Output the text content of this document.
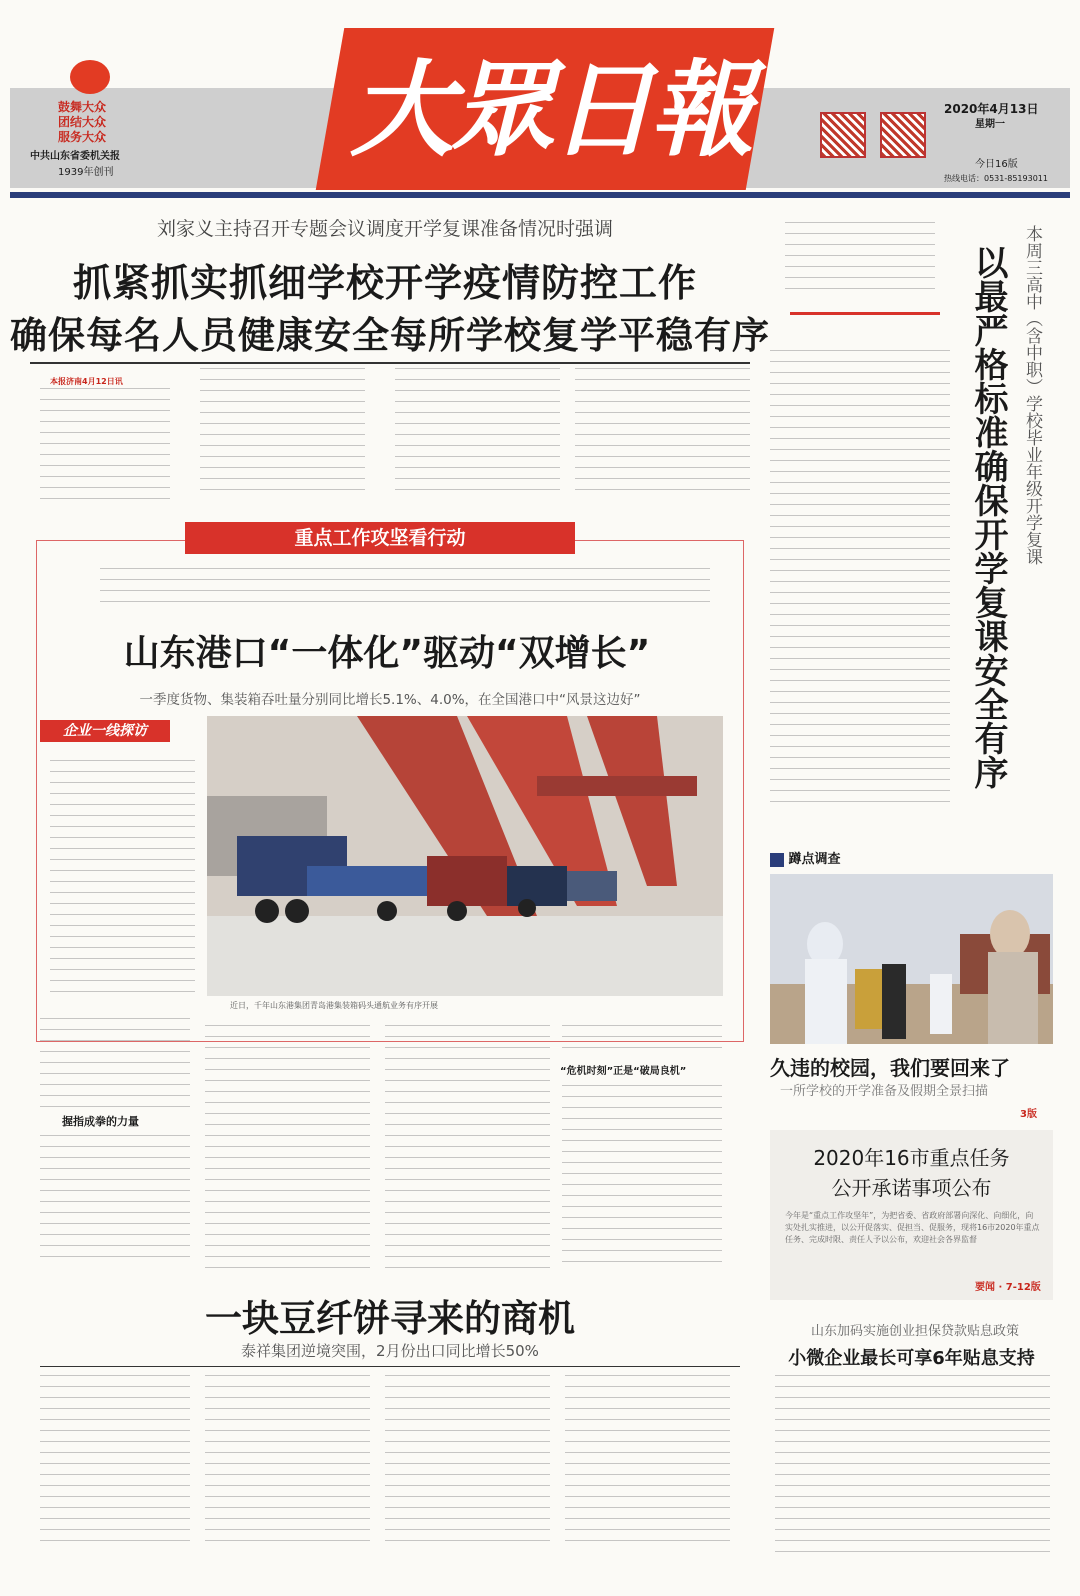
大眾日報
鼓舞大众
团结大众
服务大众
中共山东省委机关报
1939年创刊
2020年4月13日
星期一
今日16版
热线电话：0531-85193011
刘家义主持召开专题会议调度开学复课准备情况时强调
抓紧抓实抓细学校开学疫情防控工作
确保每名人员健康安全每所学校复学平稳有序
本报济南4月12日讯
重点工作攻坚看行动
山东港口“一体化”驱动“双增长”
一季度货物、集装箱吞吐量分别同比增长5.1%、4.0%，在全国港口中“风景这边好”
企业一线探访
近日，千年山东港集团青岛港集装箱码头通航业务有序开展
握指成拳的力量
“危机时刻”正是“破局良机”
一块豆纤饼寻来的商机
泰祥集团逆境突围，2月份出口同比增长50%
本周三高中（含中职）学校毕业年级开学复课
以最严格标准确保开学复课安全有序
蹲点调查
久违的校园，我们要回来了
一所学校的开学准备及假期全景扫描
3版
2020年16市重点任务
公开承诺事项公布
今年是“重点工作攻坚年”，为把省委、省政府部署向深化、向细化，向实处扎实推进，以公开促落实、促担当、促服务，现将16市2020年重点任务、完成时限、责任人予以公布，欢迎社会各界监督
要闻 · 7-12版
山东加码实施创业担保贷款贴息政策
小微企业最长可享6年贴息支持
